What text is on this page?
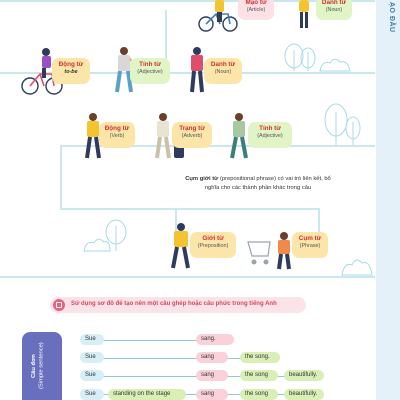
ẠO ĐẦU
Mạo từ
(Article)
Danh từ
(Noun)
Động từ
to-be
Tính từ
(Adjective)
Danh từ
(Noun)
Động từ
(Verb)
Trạng từ
(Adverb)
Tính từ
(Adjective)
Cụm giới từ (prepositional phrase) có vai trò liên kết, bổ nghĩa cho các thành phần khác trong câu
Giới từ
(Preposition)
Cụm từ
(Phrase)
Sử dụng sơ đồ để tạo nên một câu ghép hoặc câu phức trong tiếng Anh
Câu đơn (Simple sentence)
Sue	sang.
Sue	sang	the song.
Sue	sang	the song	beautifully.
Sue	standing on the stage	sang	the song	beautifully.
